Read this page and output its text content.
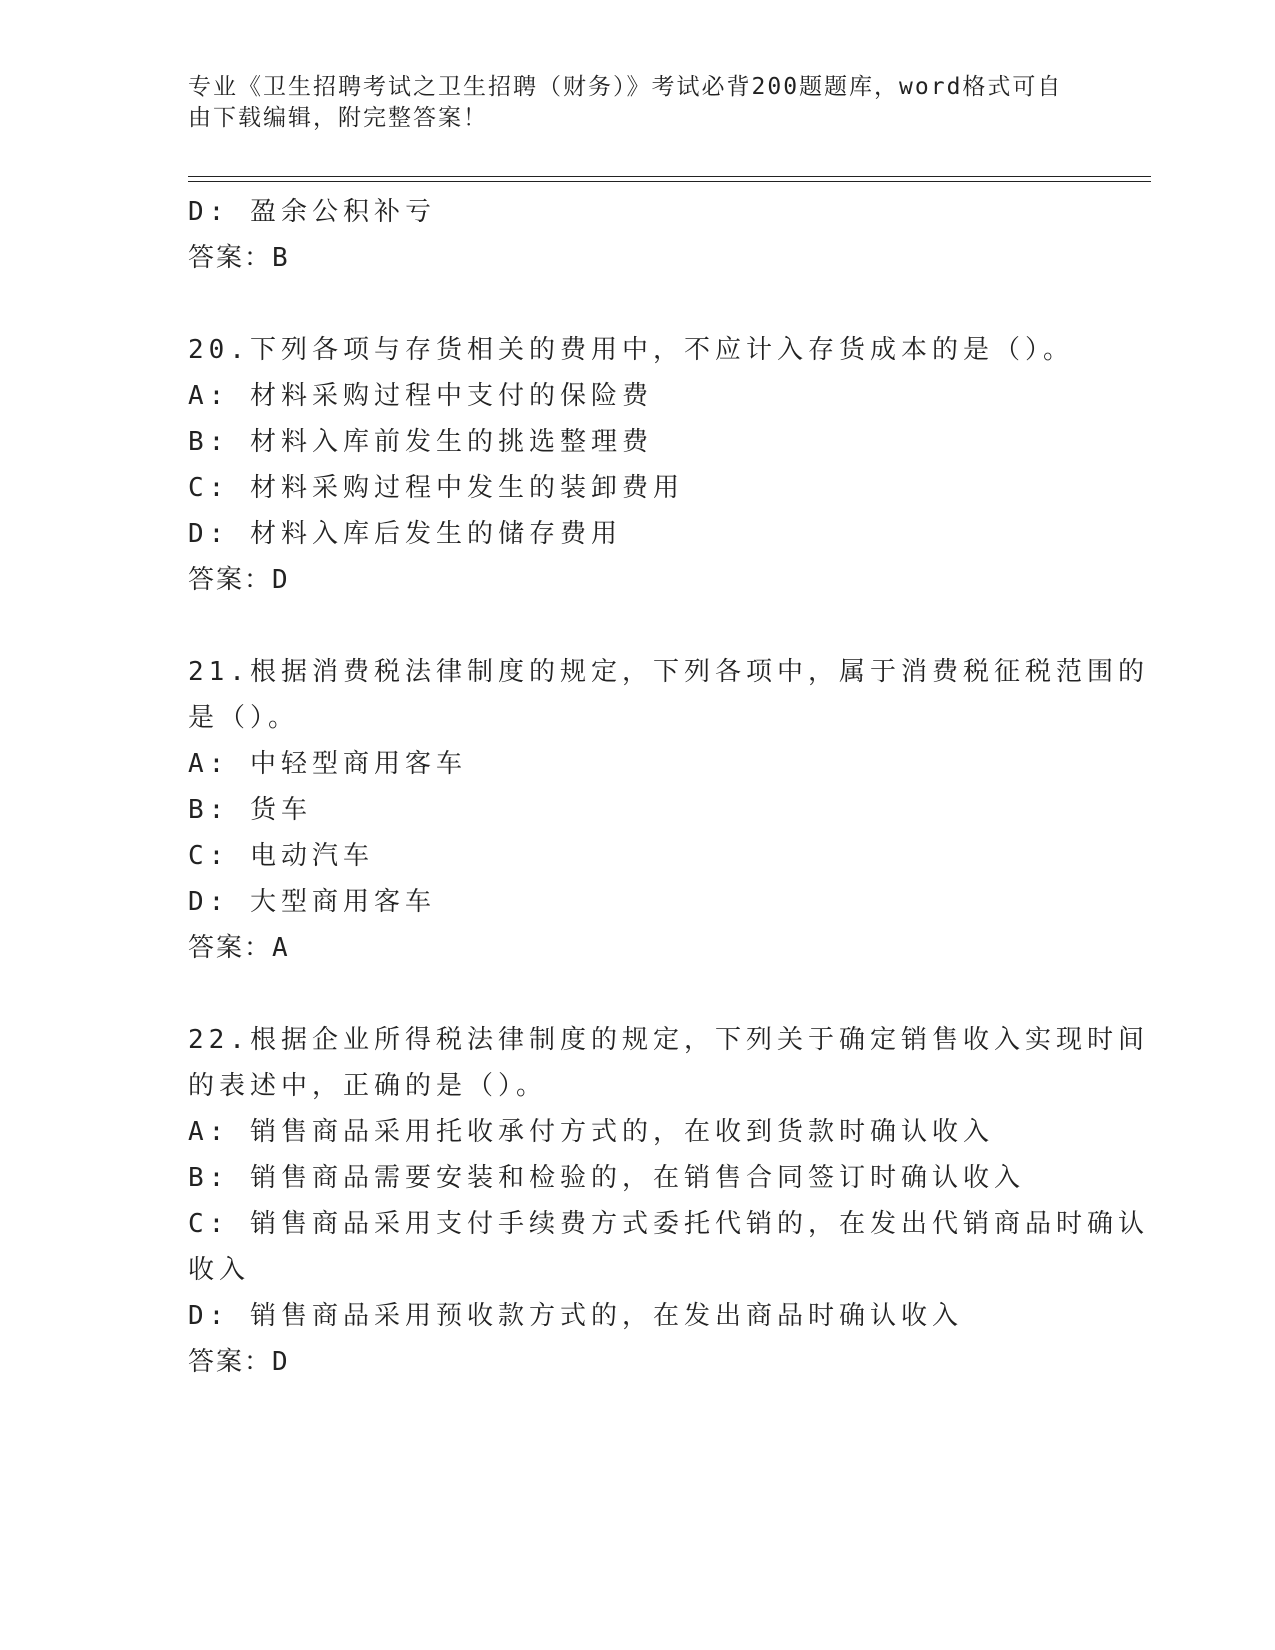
专业《卫生招聘考试之卫生招聘（财务）》考试必背200题题库，word格式可自
由下载编辑，附完整答案！
D: 盈余公积补亏
答案：B
20.下列各项与存货相关的费用中，不应计入存货成本的是（）。
A: 材料采购过程中支付的保险费
B: 材料入库前发生的挑选整理费
C: 材料采购过程中发生的装卸费用
D: 材料入库后发生的储存费用
答案：D
21.根据消费税法律制度的规定，下列各项中，属于消费税征税范围的
是（）。
A: 中轻型商用客车
B: 货车
C: 电动汽车
D: 大型商用客车
答案：A
22.根据企业所得税法律制度的规定，下列关于确定销售收入实现时间
的表述中，正确的是（）。
A: 销售商品采用托收承付方式的，在收到货款时确认收入
B: 销售商品需要安装和检验的，在销售合同签订时确认收入
C: 销售商品采用支付手续费方式委托代销的，在发出代销商品时确认
收入
D: 销售商品采用预收款方式的，在发出商品时确认收入
答案：D
